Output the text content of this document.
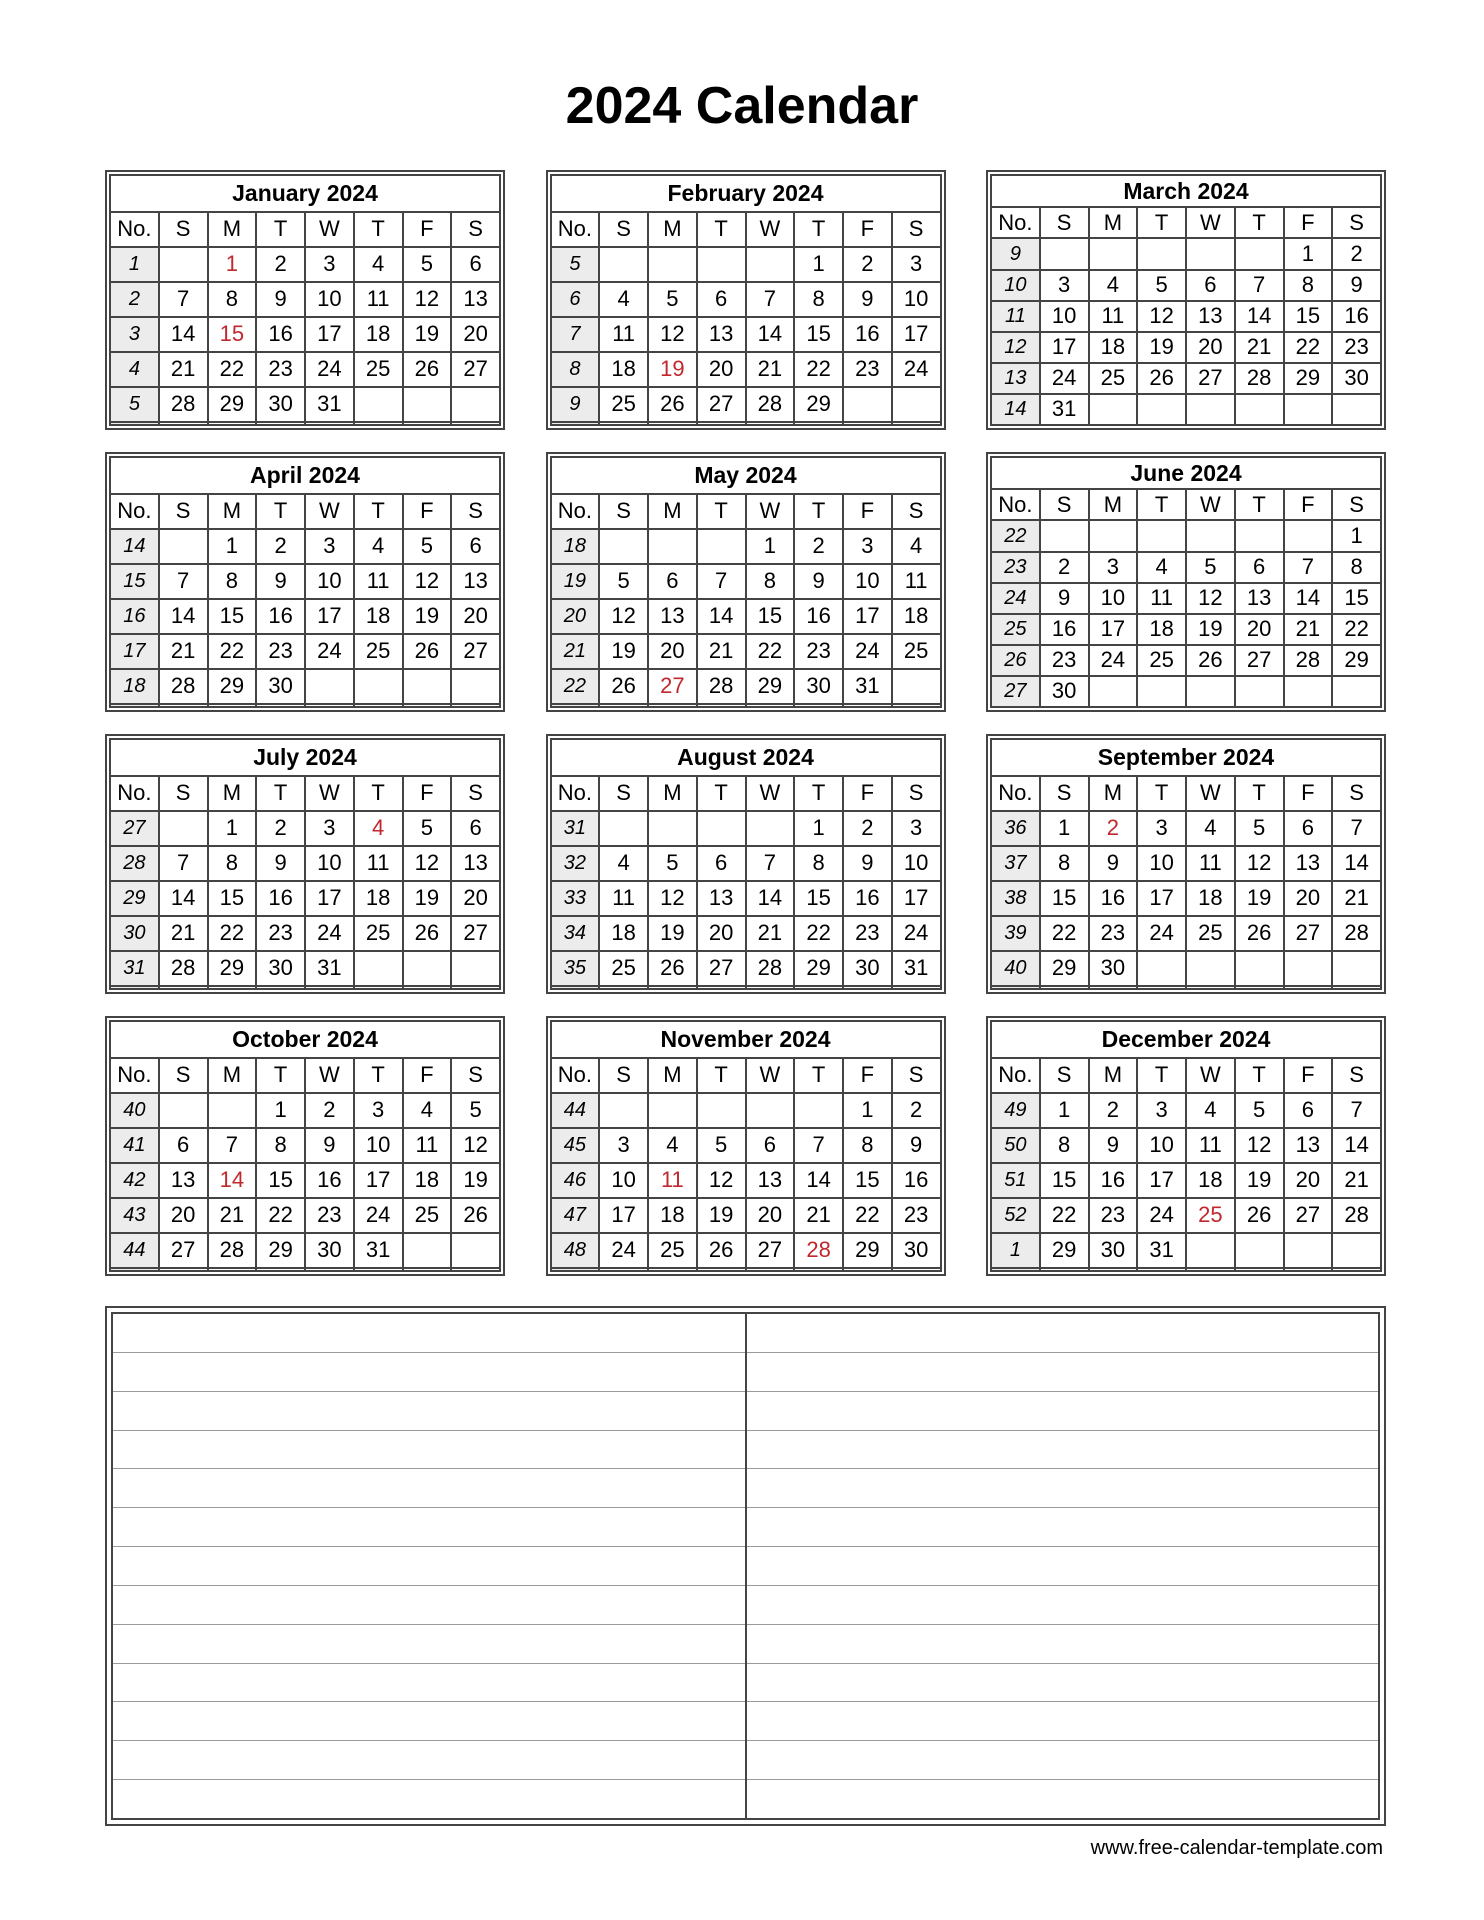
2024 Calendar
January 2024							
No.	S	M	T	W	T	F	S
1		1	2	3	4	5	6
2	7	8	9	10	11	12	13
3	14	15	16	17	18	19	20
4	21	22	23	24	25	26	27
5	28	29	30	31			

February 2024							
No.	S	M	T	W	T	F	S
5					1	2	3
6	4	5	6	7	8	9	10
7	11	12	13	14	15	16	17
8	18	19	20	21	22	23	24
9	25	26	27	28	29		

March 2024							
No.	S	M	T	W	T	F	S
9						1	2
10	3	4	5	6	7	8	9
11	10	11	12	13	14	15	16
12	17	18	19	20	21	22	23
13	24	25	26	27	28	29	30
14	31						
April 2024							
No.	S	M	T	W	T	F	S
14		1	2	3	4	5	6
15	7	8	9	10	11	12	13
16	14	15	16	17	18	19	20
17	21	22	23	24	25	26	27
18	28	29	30				

May 2024							
No.	S	M	T	W	T	F	S
18				1	2	3	4
19	5	6	7	8	9	10	11
20	12	13	14	15	16	17	18
21	19	20	21	22	23	24	25
22	26	27	28	29	30	31	

June 2024							
No.	S	M	T	W	T	F	S
22							1
23	2	3	4	5	6	7	8
24	9	10	11	12	13	14	15
25	16	17	18	19	20	21	22
26	23	24	25	26	27	28	29
27	30						
July 2024							
No.	S	M	T	W	T	F	S
27		1	2	3	4	5	6
28	7	8	9	10	11	12	13
29	14	15	16	17	18	19	20
30	21	22	23	24	25	26	27
31	28	29	30	31			

August 2024							
No.	S	M	T	W	T	F	S
31					1	2	3
32	4	5	6	7	8	9	10
33	11	12	13	14	15	16	17
34	18	19	20	21	22	23	24
35	25	26	27	28	29	30	31

September 2024							
No.	S	M	T	W	T	F	S
36	1	2	3	4	5	6	7
37	8	9	10	11	12	13	14
38	15	16	17	18	19	20	21
39	22	23	24	25	26	27	28
40	29	30					

October 2024							
No.	S	M	T	W	T	F	S
40			1	2	3	4	5
41	6	7	8	9	10	11	12
42	13	14	15	16	17	18	19
43	20	21	22	23	24	25	26
44	27	28	29	30	31		

November 2024							
No.	S	M	T	W	T	F	S
44						1	2
45	3	4	5	6	7	8	9
46	10	11	12	13	14	15	16
47	17	18	19	20	21	22	23
48	24	25	26	27	28	29	30

December 2024							
No.	S	M	T	W	T	F	S
49	1	2	3	4	5	6	7
50	8	9	10	11	12	13	14
51	15	16	17	18	19	20	21
52	22	23	24	25	26	27	28
1	29	30	31				

www.free-calendar-template.com
